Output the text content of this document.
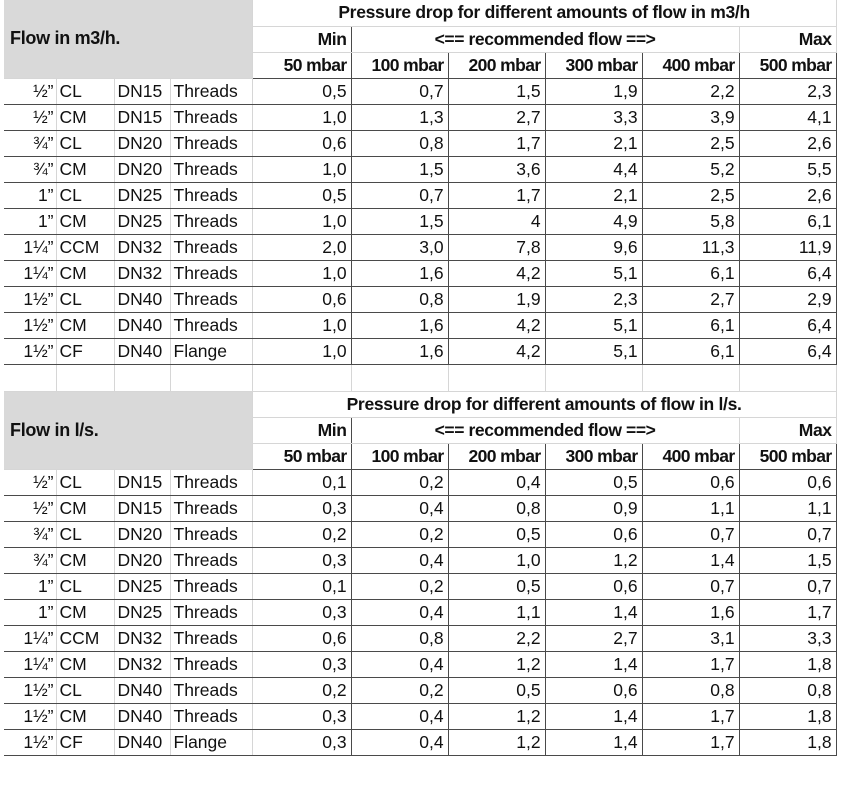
Flow in m3/h.				Pressure drop for different amounts of flow in m3/h					
				Min	<== recommended flow ==>				Max
				50 mbar	100 mbar	200 mbar	300 mbar	400 mbar	500 mbar
½”	CL	DN15	Threads	0,5	0,7	1,5	1,9	2,2	2,3
½”	CM	DN15	Threads	1,0	1,3	2,7	3,3	3,9	4,1
¾”	CL	DN20	Threads	0,6	0,8	1,7	2,1	2,5	2,6
¾”	CM	DN20	Threads	1,0	1,5	3,6	4,4	5,2	5,5
1”	CL	DN25	Threads	0,5	0,7	1,7	2,1	2,5	2,6
1”	CM	DN25	Threads	1,0	1,5	4	4,9	5,8	6,1
1¼”	CCM	DN32	Threads	2,0	3,0	7,8	9,6	11,3	11,9
1¼”	CM	DN32	Threads	1,0	1,6	4,2	5,1	6,1	6,4
1½”	CL	DN40	Threads	0,6	0,8	1,9	2,3	2,7	2,9
1½”	CM	DN40	Threads	1,0	1,6	4,2	5,1	6,1	6,4
1½”	CF	DN40	Flange	1,0	1,6	4,2	5,1	6,1	6,4

Flow in l/s.				Pressure drop for different amounts of flow in l/s.					
				Min	<== recommended flow ==>				Max
				50 mbar	100 mbar	200 mbar	300 mbar	400 mbar	500 mbar
½”	CL	DN15	Threads	0,1	0,2	0,4	0,5	0,6	0,6
½”	CM	DN15	Threads	0,3	0,4	0,8	0,9	1,1	1,1
¾”	CL	DN20	Threads	0,2	0,2	0,5	0,6	0,7	0,7
¾”	CM	DN20	Threads	0,3	0,4	1,0	1,2	1,4	1,5
1”	CL	DN25	Threads	0,1	0,2	0,5	0,6	0,7	0,7
1”	CM	DN25	Threads	0,3	0,4	1,1	1,4	1,6	1,7
1¼”	CCM	DN32	Threads	0,6	0,8	2,2	2,7	3,1	3,3
1¼”	CM	DN32	Threads	0,3	0,4	1,2	1,4	1,7	1,8
1½”	CL	DN40	Threads	0,2	0,2	0,5	0,6	0,8	0,8
1½”	CM	DN40	Threads	0,3	0,4	1,2	1,4	1,7	1,8
1½”	CF	DN40	Flange	0,3	0,4	1,2	1,4	1,7	1,8
